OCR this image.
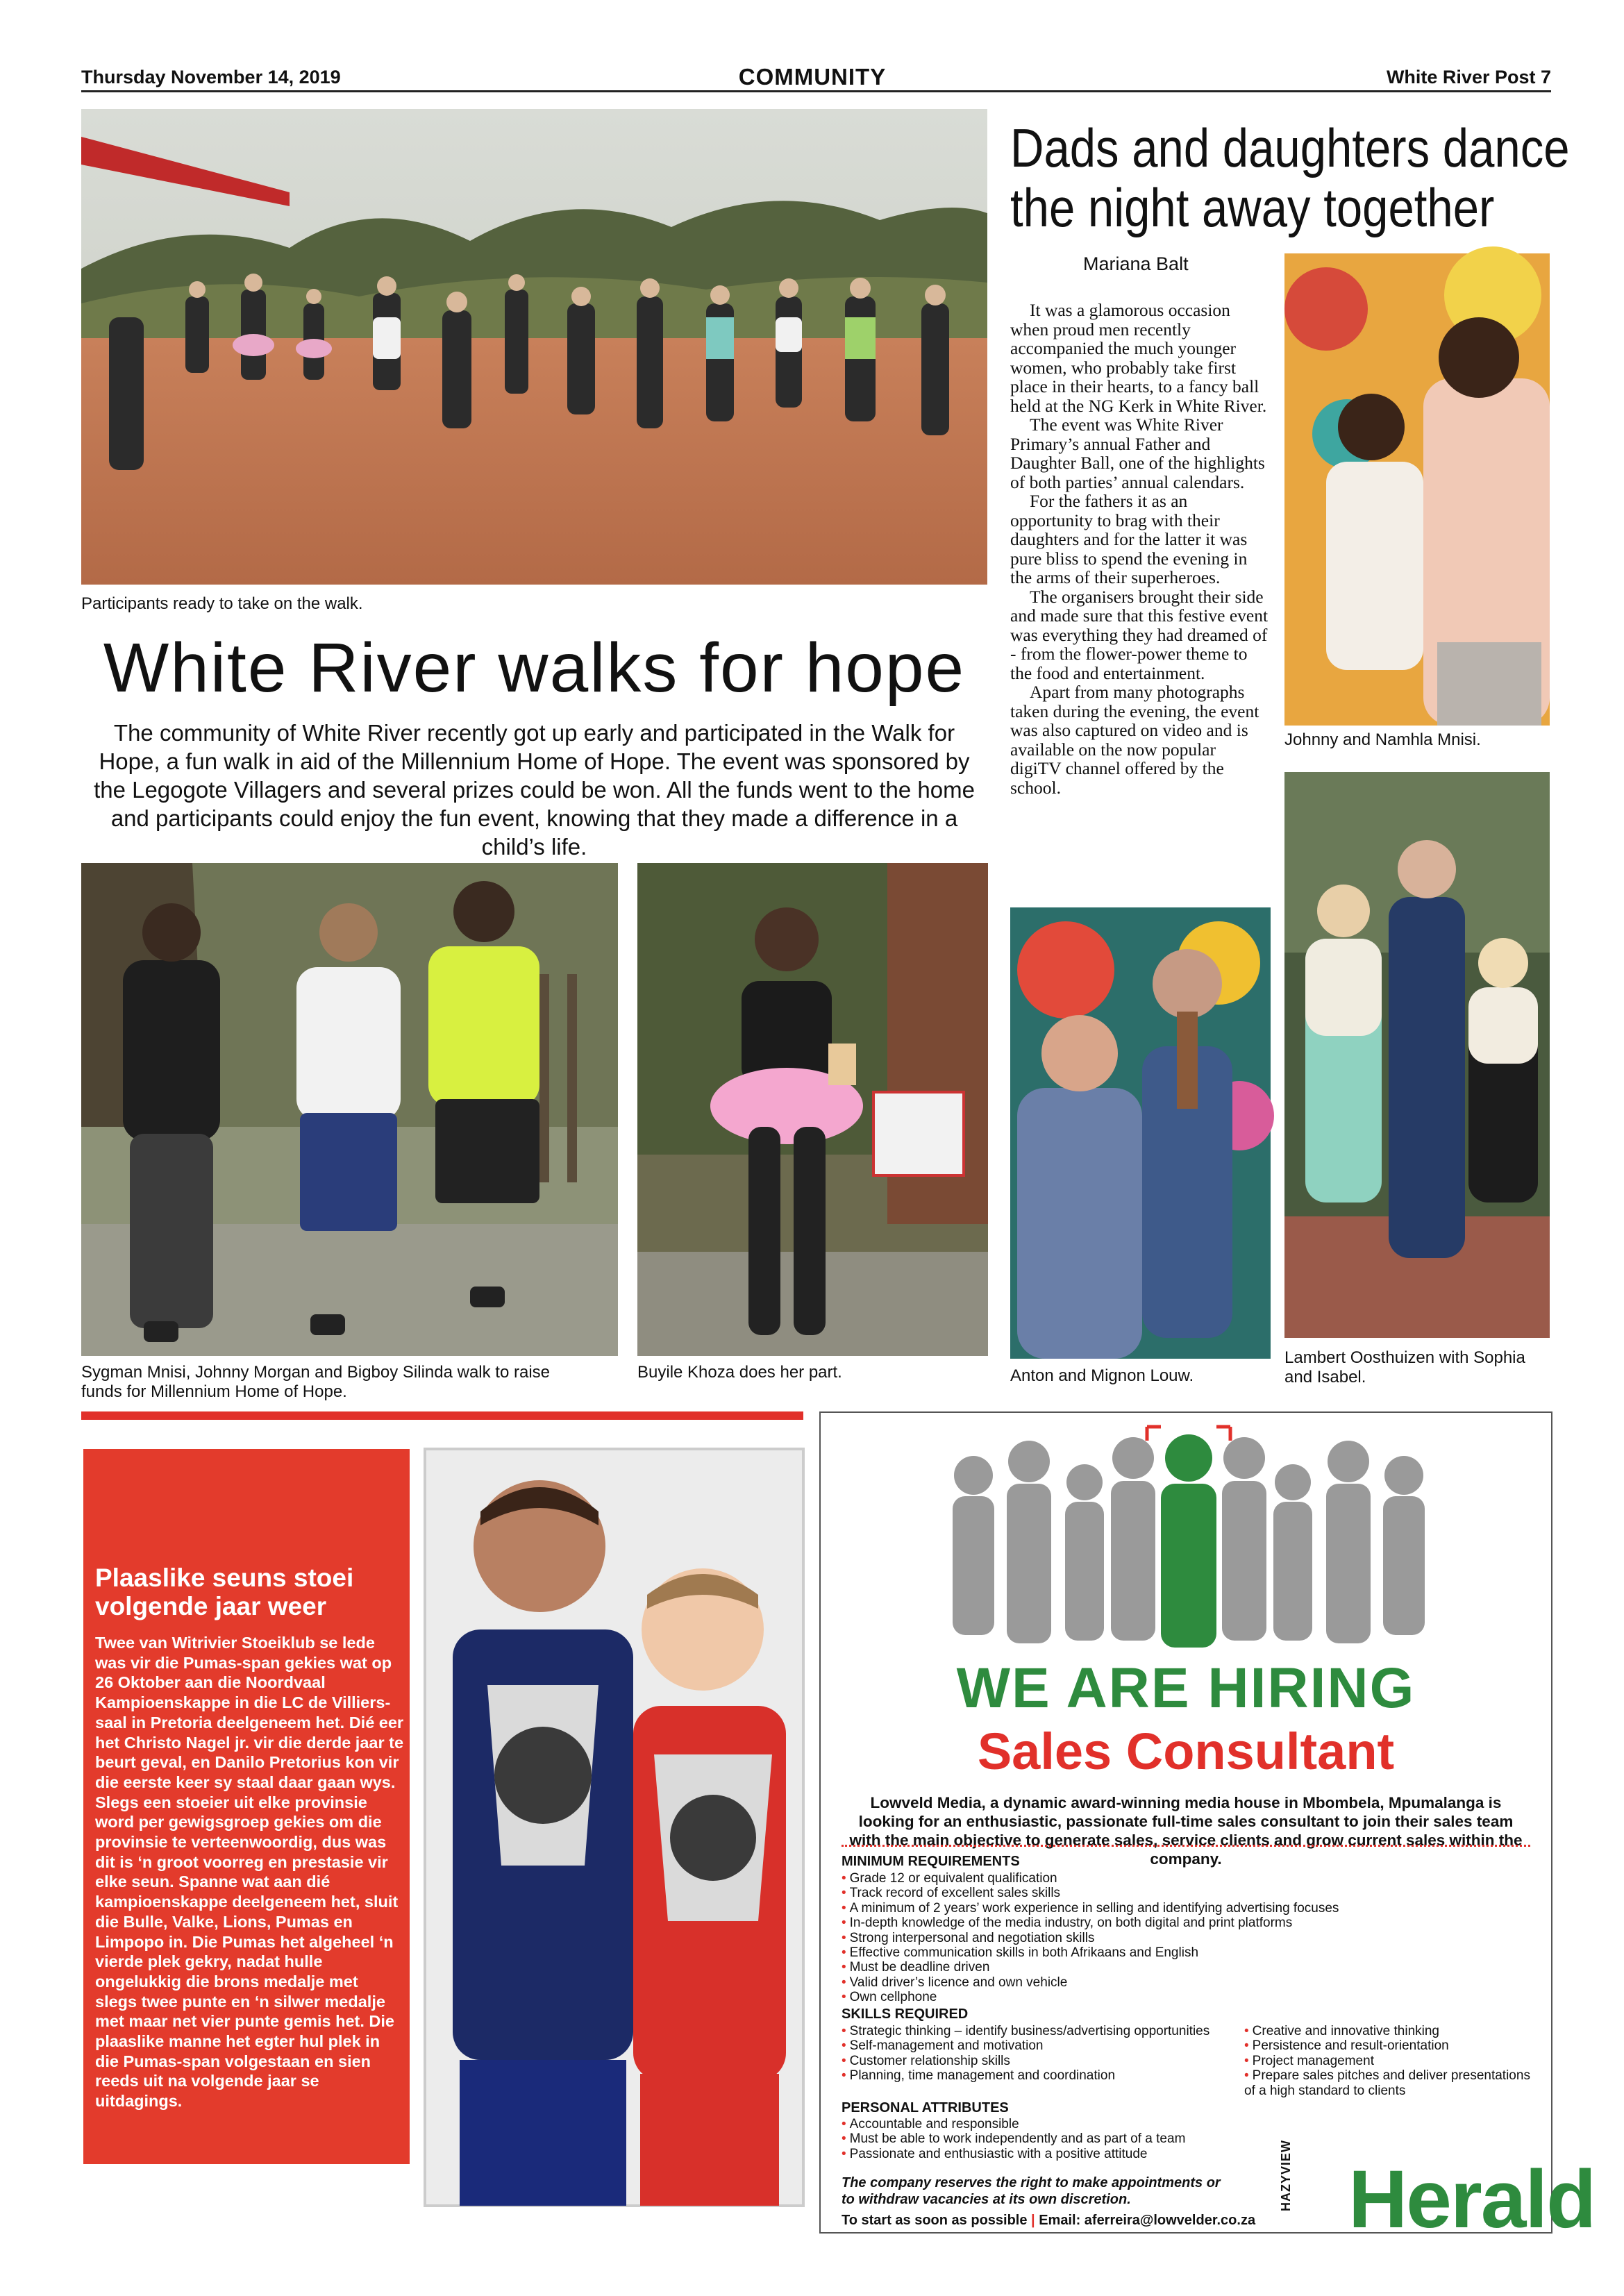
Thursday November 14, 2019	COMMUNITY	White River Post 7
Participants ready to take on the walk.
White River walks for hope
The community of White River recently got up early and participated in the Walk for Hope, a fun walk in aid of the Millennium Home of Hope. The event was sponsored by the Legogote Villagers and several prizes could be won. All the funds went to the home and participants could enjoy the fun event, knowing that they made a difference in a child’s life.
Sygman Mnisi, Johnny Morgan and Bigboy Silinda walk to raise funds for Millennium Home of Hope.
Buyile Khoza does her part.
Dads and daughters dance
the night away together
Mariana Balt

It was a glamorous occasion when proud men recently accompanied the much younger women, who probably take first place in their hearts, to a fancy ball held at the NG Kerk in White River.

The event was White River Primary’s annual Father and Daughter Ball, one of the highlights of both parties’ annual calendars.

For the fathers it as an opportunity to brag with their daughters and for the latter it was pure bliss to spend the evening in the arms of their superheroes.

The organisers brought their side and made sure that this festive event was everything they had dreamed of - from the flower-power theme to the food and entertainment.

Apart from many photographs taken during the evening, the event was also captured on video and is available on the now popular digiTV channel offered by the school.

Johnny and Namhla Mnisi.
Anton and Mignon Louw.
Lambert Oosthuizen with Sophia and Isabel.
Plaaslike seuns stoei volgende jaar weer
Twee van Witrivier Stoeiklub se lede was vir die Pumas-span gekies wat op 26 Oktober aan die Noordvaal Kampioenskappe in die LC de Villiers-saal in Pretoria deelgeneem het. Dié eer het Christo Nagel jr. vir die derde jaar te beurt geval, en Danilo Pretorius kon vir die eerste keer sy staal daar gaan wys. Slegs een stoeier uit elke provinsie word per gewigsgroep gekies om die provinsie te verteenwoordig, dus was dit is ‘n groot voorreg en prestasie vir elke seun. Spanne wat aan dié kampioenskappe deelgeneem het, sluit die Bulle, Valke, Lions, Pumas en Limpopo in. Die Pumas het algeheel ‘n vierde plek gekry, nadat hulle ongelukkig die brons medalje met slegs twee punte en ‘n silwer medalje met maar net vier punte gemis het. Die plaaslike manne het egter hul plek in die Pumas-span volgestaan en sien reeds uit na volgende jaar se uitdagings.
WE ARE HIRING
Sales Consultant
Lowveld Media, a dynamic award-winning media house in Mbombela, Mpumalanga is looking for an enthusiastic, passionate full-time sales consultant to join their sales team with the main objective to generate sales, service clients and grow current sales within the company.
MINIMUM REQUIREMENTS
• Grade 12 or equivalent qualification
• Track record of excellent sales skills
• A minimum of 2 years’ work experience in selling and identifying advertising focuses
• In-depth knowledge of the media industry, on both digital and print platforms
• Strong interpersonal and negotiation skills
• Effective communication skills in both Afrikaans and English
• Must be deadline driven
• Valid driver’s licence and own vehicle
• Own cellphone
SKILLS REQUIRED
• Strategic thinking – identify business/advertising opportunities
• Self-management and motivation
• Customer relationship skills
• Planning, time management and coordination
• Creative and innovative thinking
• Persistence and result-orientation
• Project management
• Prepare sales pitches and deliver presentations of a high standard to clients
PERSONAL ATTRIBUTES
• Accountable and responsible
• Must be able to work independently and as part of a team
• Passionate and enthusiastic with a positive attitude
The company reserves the right to make appointments or to withdraw vacancies at its own discretion.
To start as soon as possible | Email: aferreira@lowvelder.co.za
HAZYVIEW Herald
